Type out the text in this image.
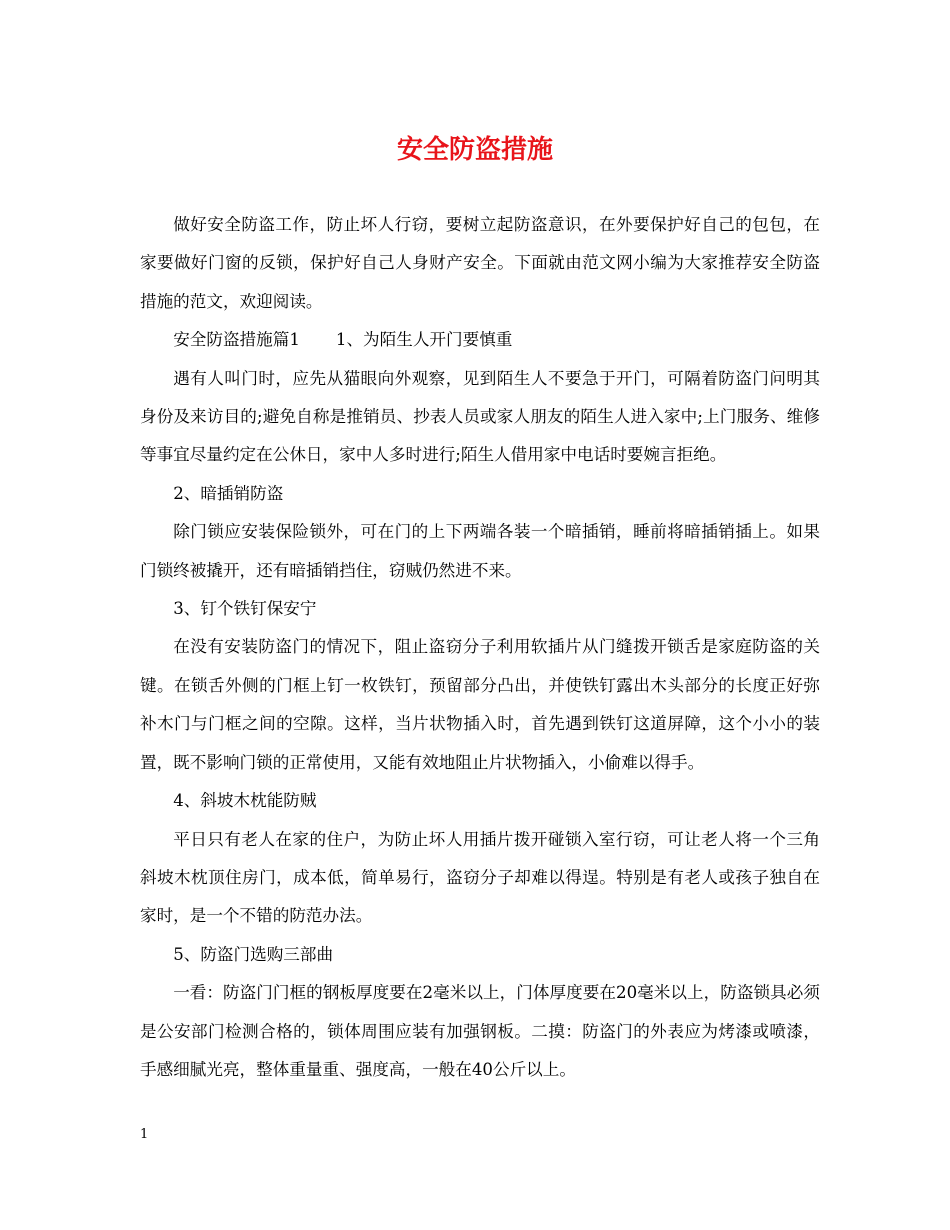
安全防盗措施

做好安全防盗工作，防止坏人行窃，要树立起防盗意识，在外要保护好自己的包包，在家要做好门窗的反锁，保护好自己人身财产安全。下面就由范文网小编为大家推荐安全防盗措施的范文，欢迎阅读。

安全防盗措施篇1 1、为陌生人开门要慎重

遇有人叫门时，应先从猫眼向外观察，见到陌生人不要急于开门，可隔着防盗门问明其身份及来访目的;避免自称是推销员、抄表人员或家人朋友的陌生人进入家中;上门服务、维修等事宜尽量约定在公休日，家中人多时进行;陌生人借用家中电话时要婉言拒绝。

2、暗插销防盗

除门锁应安装保险锁外，可在门的上下两端各装一个暗插销，睡前将暗插销插上。如果门锁终被撬开，还有暗插销挡住，窃贼仍然进不来。

3、钉个铁钉保安宁

在没有安装防盗门的情况下，阻止盗窃分子利用软插片从门缝拨开锁舌是家庭防盗的关键。在锁舌外侧的门框上钉一枚铁钉，预留部分凸出，并使铁钉露出木头部分的长度正好弥补木门与门框之间的空隙。这样，当片状物插入时，首先遇到铁钉这道屏障，这个小小的装置，既不影响门锁的正常使用，又能有效地阻止片状物插入，小偷难以得手。

4、斜坡木枕能防贼

平日只有老人在家的住户，为防止坏人用插片拨开碰锁入室行窃，可让老人将一个三角斜坡木枕顶住房门，成本低，简单易行，盗窃分子却难以得逞。特别是有老人或孩子独自在家时，是一个不错的防范办法。

5、防盗门选购三部曲

一看：防盗门门框的钢板厚度要在2毫米以上，门体厚度要在20毫米以上，防盗锁具必须是公安部门检测合格的，锁体周围应装有加强钢板。二摸：防盗门的外表应为烤漆或喷漆，手感细腻光亮，整体重量重、强度高，一般在40公斤以上。

1
